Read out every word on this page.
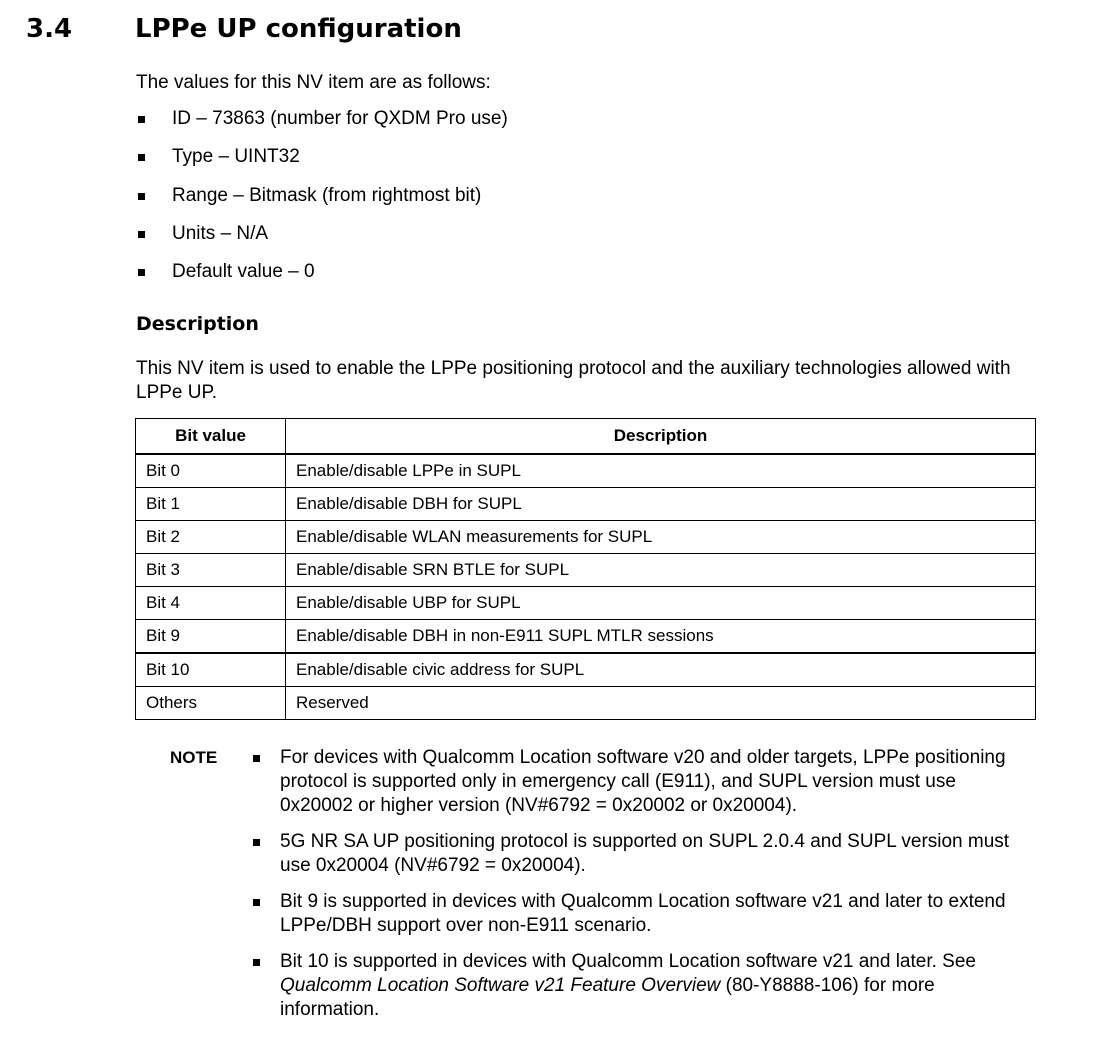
3.4 LPPe UP configuration
The values for this NV item are as follows:
ID – 73863 (number for QXDM Pro use)
Type – UINT32
Range – Bitmask (from rightmost bit)
Units – N/A
Default value – 0
Description
This NV item is used to enable the LPPe positioning protocol and the auxiliary technologies allowed with LPPe UP.
Bit value	Description
Bit 0	Enable/disable LPPe in SUPL
Bit 1	Enable/disable DBH for SUPL
Bit 2	Enable/disable WLAN measurements for SUPL
Bit 3	Enable/disable SRN BTLE for SUPL
Bit 4	Enable/disable UBP for SUPL
Bit 9	Enable/disable DBH in non-E911 SUPL MTLR sessions
Bit 10	Enable/disable civic address for SUPL
Others	Reserved
NOTE	For devices with Qualcomm Location software v20 and older targets, LPPe positioning protocol is supported only in emergency call (E911), and SUPL version must use 0x20002 or higher version (NV#6792 = 0x20002 or 0x20004).
5G NR SA UP positioning protocol is supported on SUPL 2.0.4 and SUPL version must use 0x20004 (NV#6792 = 0x20004).
Bit 9 is supported in devices with Qualcomm Location software v21 and later to extend LPPe/DBH support over non-E911 scenario.
Bit 10 is supported in devices with Qualcomm Location software v21 and later. See Qualcomm Location Software v21 Feature Overview (80-Y8888-106) for more information.
